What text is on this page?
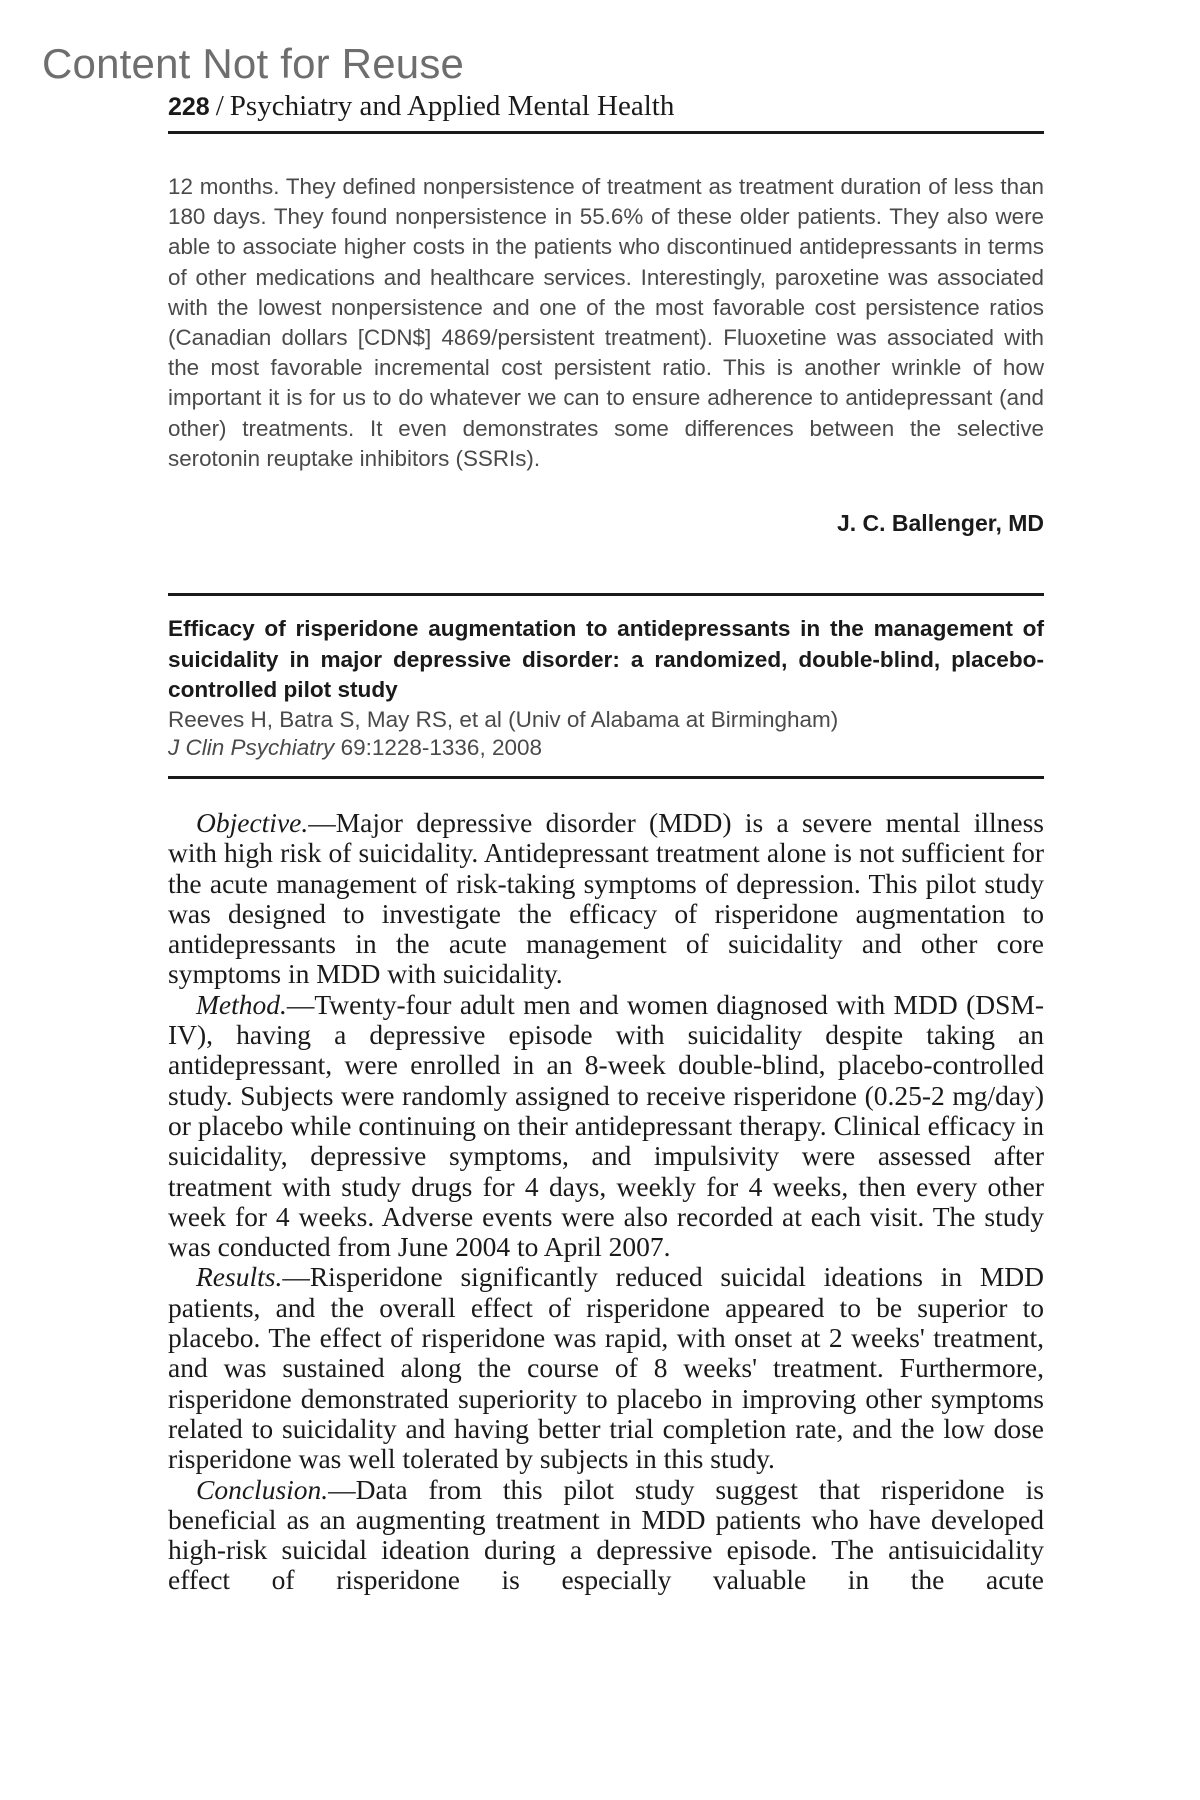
Content Not for Reuse
228 / Psychiatry and Applied Mental Health

12 months. They defined nonpersistence of treatment as treatment duration of less than 180 days. They found nonpersistence in 55.6% of these older patients. They also were able to associate higher costs in the patients who discontinued antidepressants in terms of other medications and healthcare services. Interestingly, paroxetine was associated with the lowest nonpersistence and one of the most favorable cost persistence ratios (Canadian dollars [CDN$] 4869/persistent treatment). Fluoxetine was associated with the most favorable incremental cost persistent ratio. This is another wrinkle of how important it is for us to do whatever we can to ensure adherence to antidepressant (and other) treatments. It even demonstrates some differences between the selective serotonin reuptake inhibitors (SSRIs).

J. C. Ballenger, MD
Efficacy of risperidone augmentation to antidepressants in the management of suicidality in major depressive disorder: a randomized, double-blind, placebo-controlled pilot study
Reeves H, Batra S, May RS, et al (Univ of Alabama at Birmingham)
J Clin Psychiatry 69:1228-1336, 2008

Objective.—Major depressive disorder (MDD) is a severe mental illness with high risk of suicidality. Antidepressant treatment alone is not sufficient for the acute management of risk-taking symptoms of depression. This pilot study was designed to investigate the efficacy of risperidone augmentation to antidepressants in the acute management of suicidality and other core symptoms in MDD with suicidality.

Method.—Twenty-four adult men and women diagnosed with MDD (DSM-IV), having a depressive episode with suicidality despite taking an antidepressant, were enrolled in an 8-week double-blind, placebo-controlled study. Subjects were randomly assigned to receive risperidone (0.25-2 mg/day) or placebo while continuing on their antidepressant therapy. Clinical efficacy in suicidality, depressive symptoms, and impulsivity were assessed after treatment with study drugs for 4 days, weekly for 4 weeks, then every other week for 4 weeks. Adverse events were also recorded at each visit. The study was conducted from June 2004 to April 2007.

Results.—Risperidone significantly reduced suicidal ideations in MDD patients, and the overall effect of risperidone appeared to be superior to placebo. The effect of risperidone was rapid, with onset at 2 weeks' treatment, and was sustained along the course of 8 weeks' treatment. Furthermore, risperidone demonstrated superiority to placebo in improving other symptoms related to suicidality and having better trial completion rate, and the low dose risperidone was well tolerated by subjects in this study.

Conclusion.—Data from this pilot study suggest that risperidone is beneficial as an augmenting treatment in MDD patients who have developed high-risk suicidal ideation during a depressive episode. The antisuicidality effect of risperidone is especially valuable in the acute
